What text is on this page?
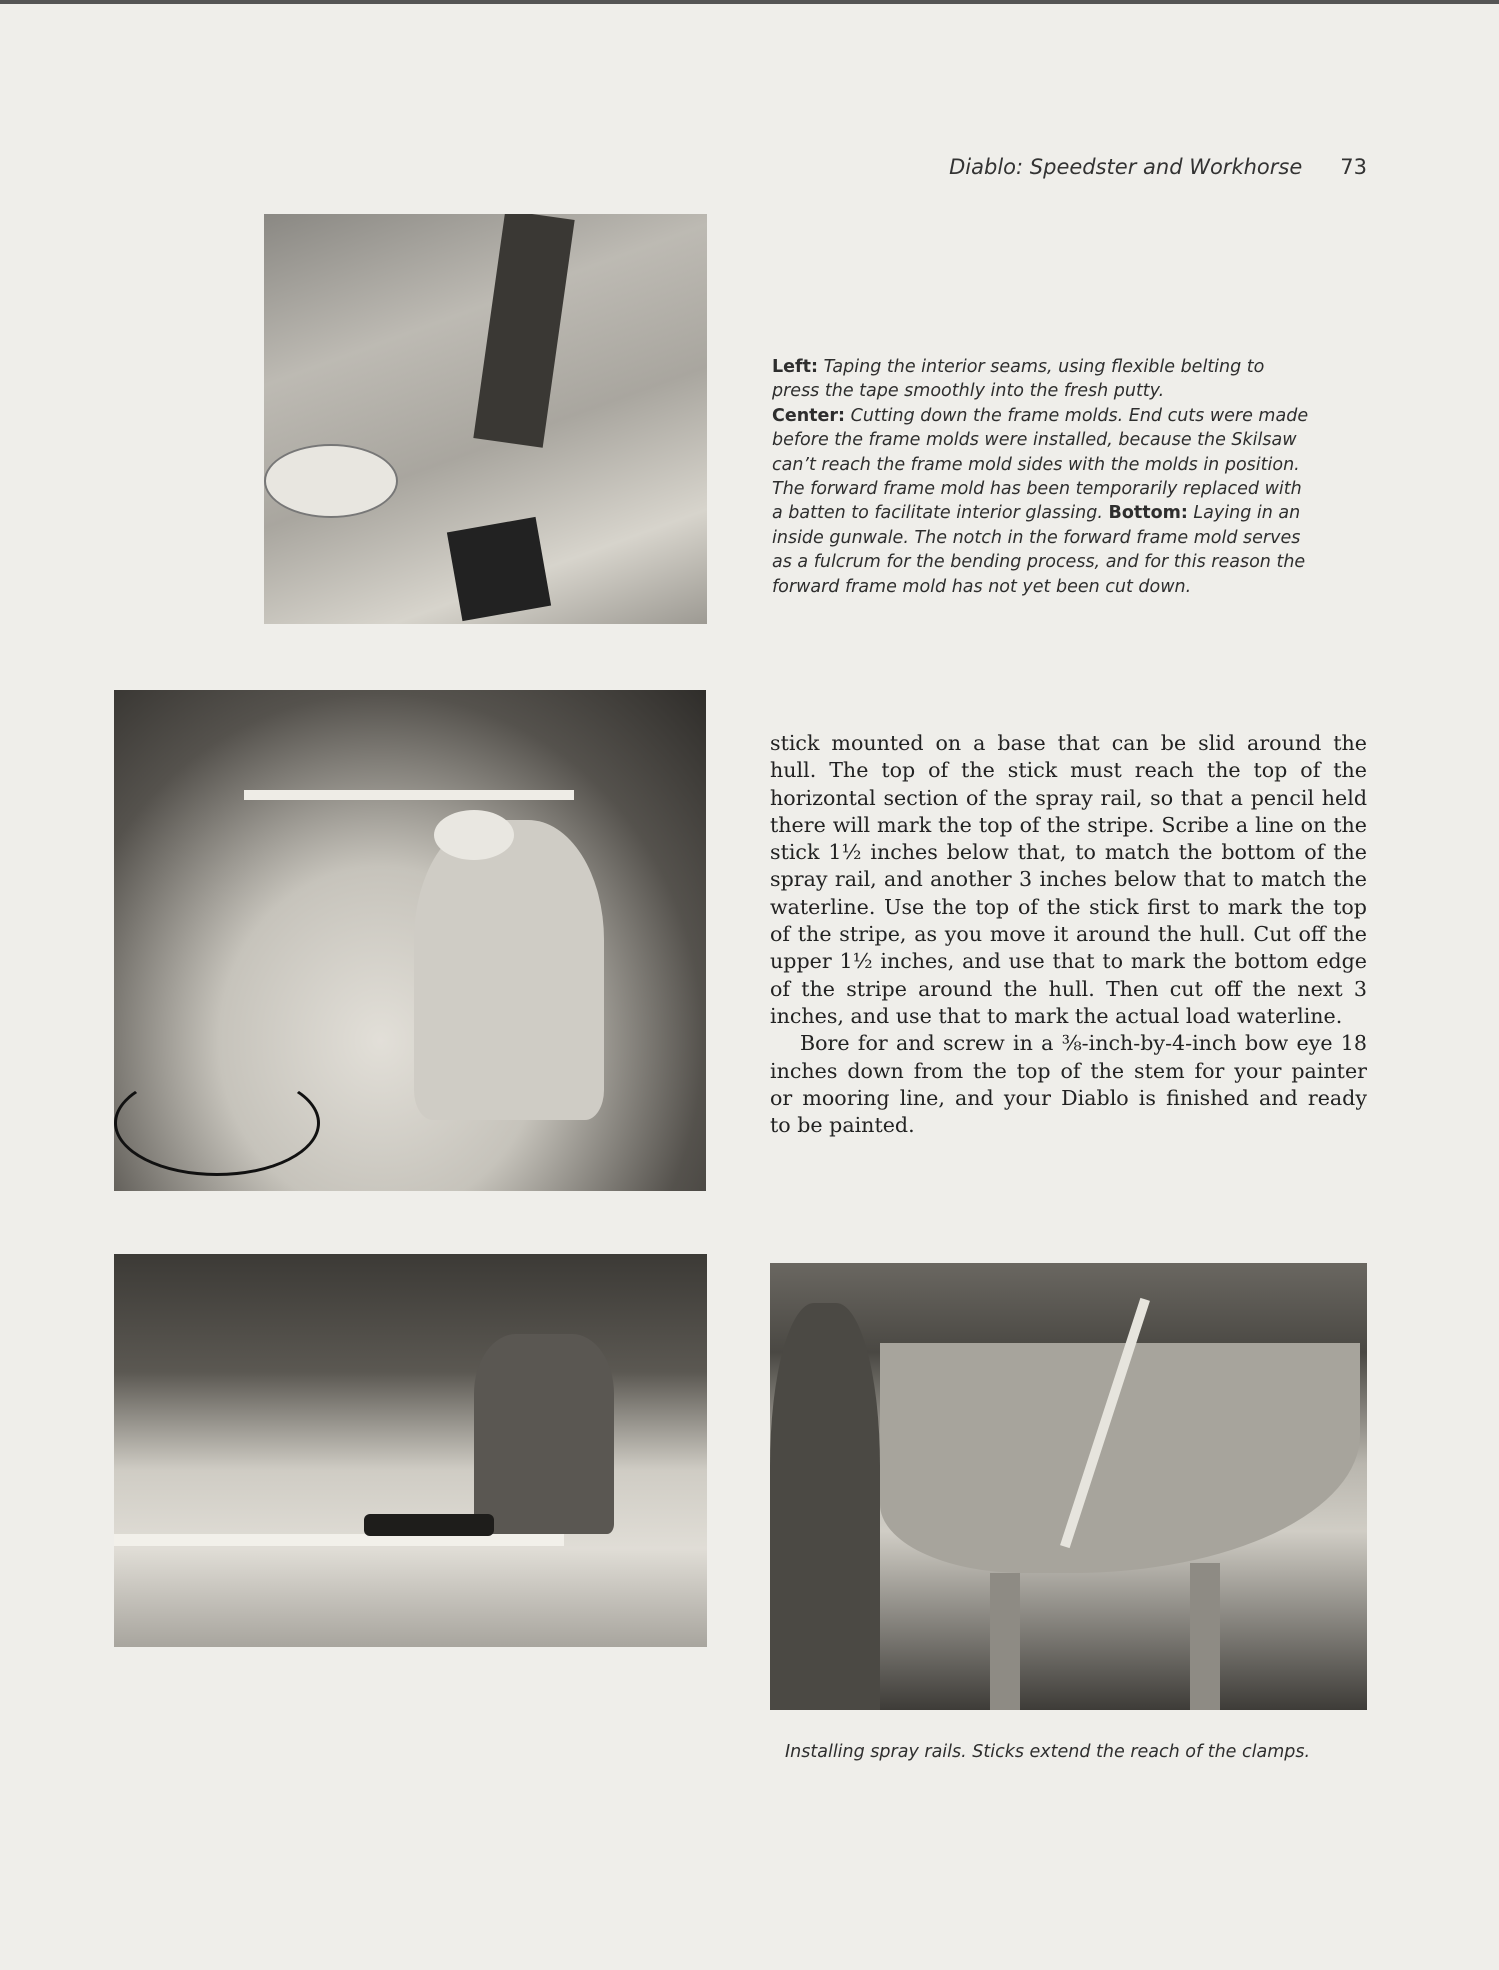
Diablo: Speedster and Workhorse 73
Left: Taping the interior seams, using flexible belting to press the tape smoothly into the fresh putty.
Center: Cutting down the frame molds. End cuts were made before the frame molds were installed, because the Skilsaw can’t reach the frame mold sides with the molds in position. The forward frame mold has been temporarily replaced with a batten to facilitate interior glassing. Bottom: Laying in an inside gunwale. The notch in the forward frame mold serves as a fulcrum for the bending process, and for this reason the forward frame mold has not yet been cut down.
stick mounted on a base that can be slid around the
hull. The top of the stick must reach the top of the
horizontal section of the spray rail, so that a pencil held
there will mark the top of the stripe. Scribe a line on the
stick 1½ inches below that, to match the bottom of the
spray rail, and another 3 inches below that to match the
waterline. Use the top of the stick first to mark the top
of the stripe, as you move it around the hull. Cut off the
upper 1½ inches, and use that to mark the bottom edge
of the stripe around the hull. Then cut off the next 3
inches, and use that to mark the actual load waterline.
Bore for and screw in a ⅜-inch-by-4-inch bow eye 18
inches down from the top of the stem for your painter
or mooring line, and your Diablo is finished and ready
to be painted.
Installing spray rails. Sticks extend the reach of the clamps.
